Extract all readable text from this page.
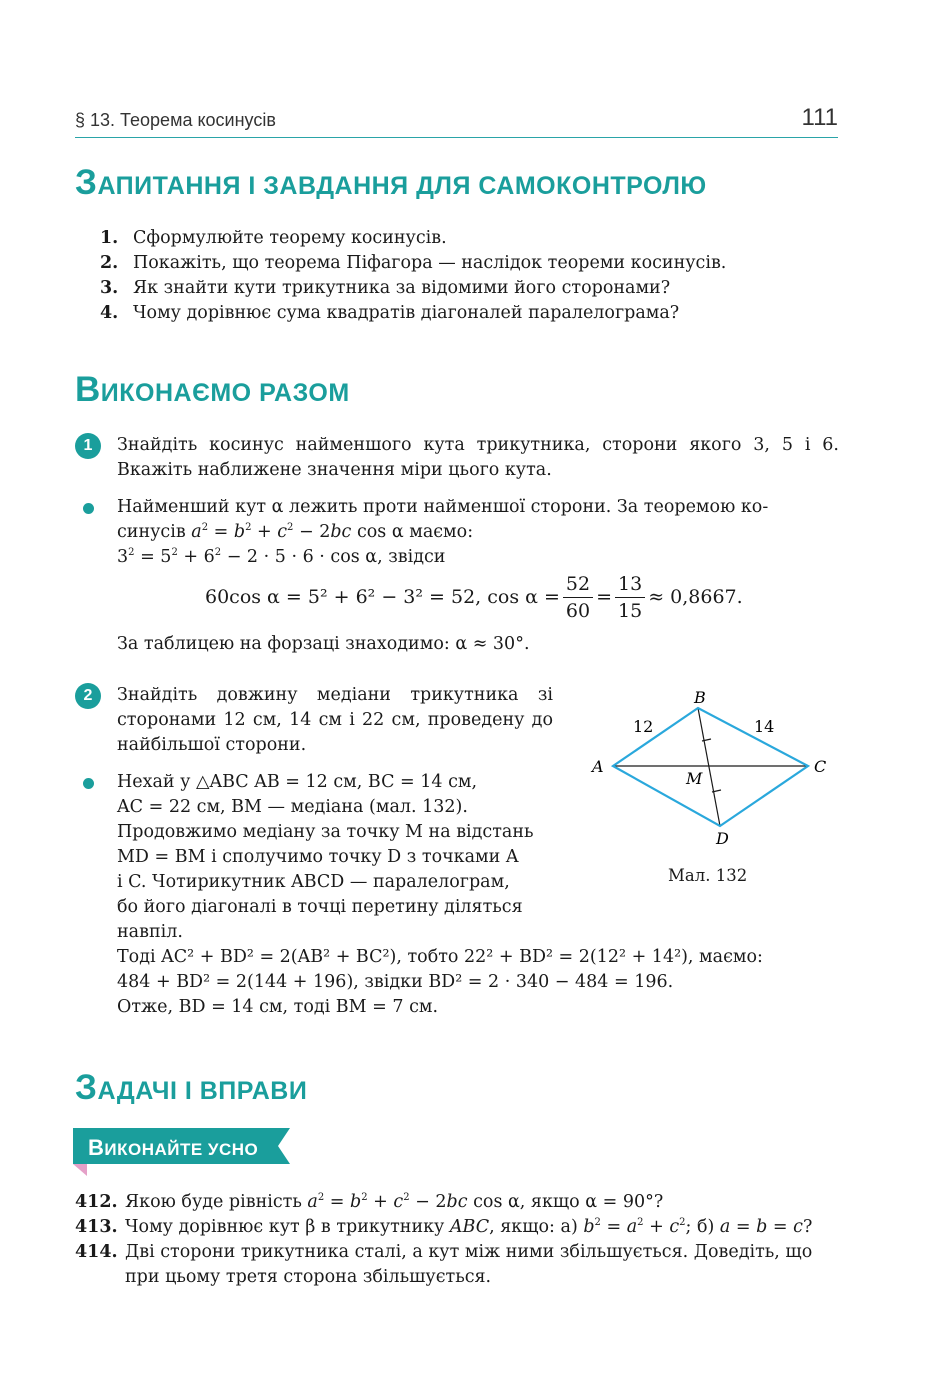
§ 13. Теорема косинусів	111
ЗАПИТАННЯ І ЗАВДАННЯ ДЛЯ САМОКОНТРОЛЮ
1. Сформулюйте теорему косинусів.
2. Покажіть, що теорема Піфагора — наслідок теореми косинусів.
3. Як знайти кути трикутника за відомими його сторонами?
4. Чому дорівнює сума квадратів діагоналей паралелограма?
ВИКОНАЄМО РАЗОМ
1	Знайдіть косинус найменшого кута трикутника, сторони якого 3, 5 і 6. Вкажіть наближене значення міри цього кута.
Найменший кут α лежить проти найменшої сторони. За теоремою ко-
синусів $a^2 = b^2 + c^2 - 2bc$ cos α маємо:
$3^2 = 5^2 + 6^2 - 2 \cdot 5 \cdot 6 \cdot \cos \alpha$, звідси
60cos α = 5² + 6² − 3² = 52, $\cos \alpha = \frac{52}{60} = \frac{13}{15} \approx 0,8667$.
За таблицею на форзаці знаходимо: α ≈ 30°.
2	Знайдіть довжину медіани трикутника зі сторонами 12 см, 14 см і 22 см, проведену до найбільшої сторони.
Нехай у △ABC AB = 12 см, BC = 14 см,
AC = 22 см, BM — медіана (мал. 132).
Продовжимо медіану за точку M на відстань
MD = BM і сполучимо точку D з точками A
і C. Чотирикутник ABCD — паралелограм,
бо його діагоналі в точці перетину діляться
навпіл.
Тоді AC² + BD² = 2(AB² + BC²), тобто 22² + BD² = 2(12² + 14²), маємо:
484 + BD² = 2(144 + 196), звідки BD² = 2 · 340 − 484 = 196.
Отже, BD = 14 см, тоді BM = 7 см.
A
B
C
D
M
12	14
Мал. 132
ЗАДАЧІ І ВПРАВИ
ВИКОНАЙТЕ УСНО
412. Якою буде рівність $a^2 = b^2 + c^2 - 2bc$ cos α, якщо α = 90°?
413. Чому дорівнює кут β в трикутнику ABC, якщо: а) $b^2 = a^2 + c^2$; б) a = b = c?
414. Дві сторони трикутника сталі, а кут між ними збільшується. Доведіть, що при цьому третя сторона збільшується.
